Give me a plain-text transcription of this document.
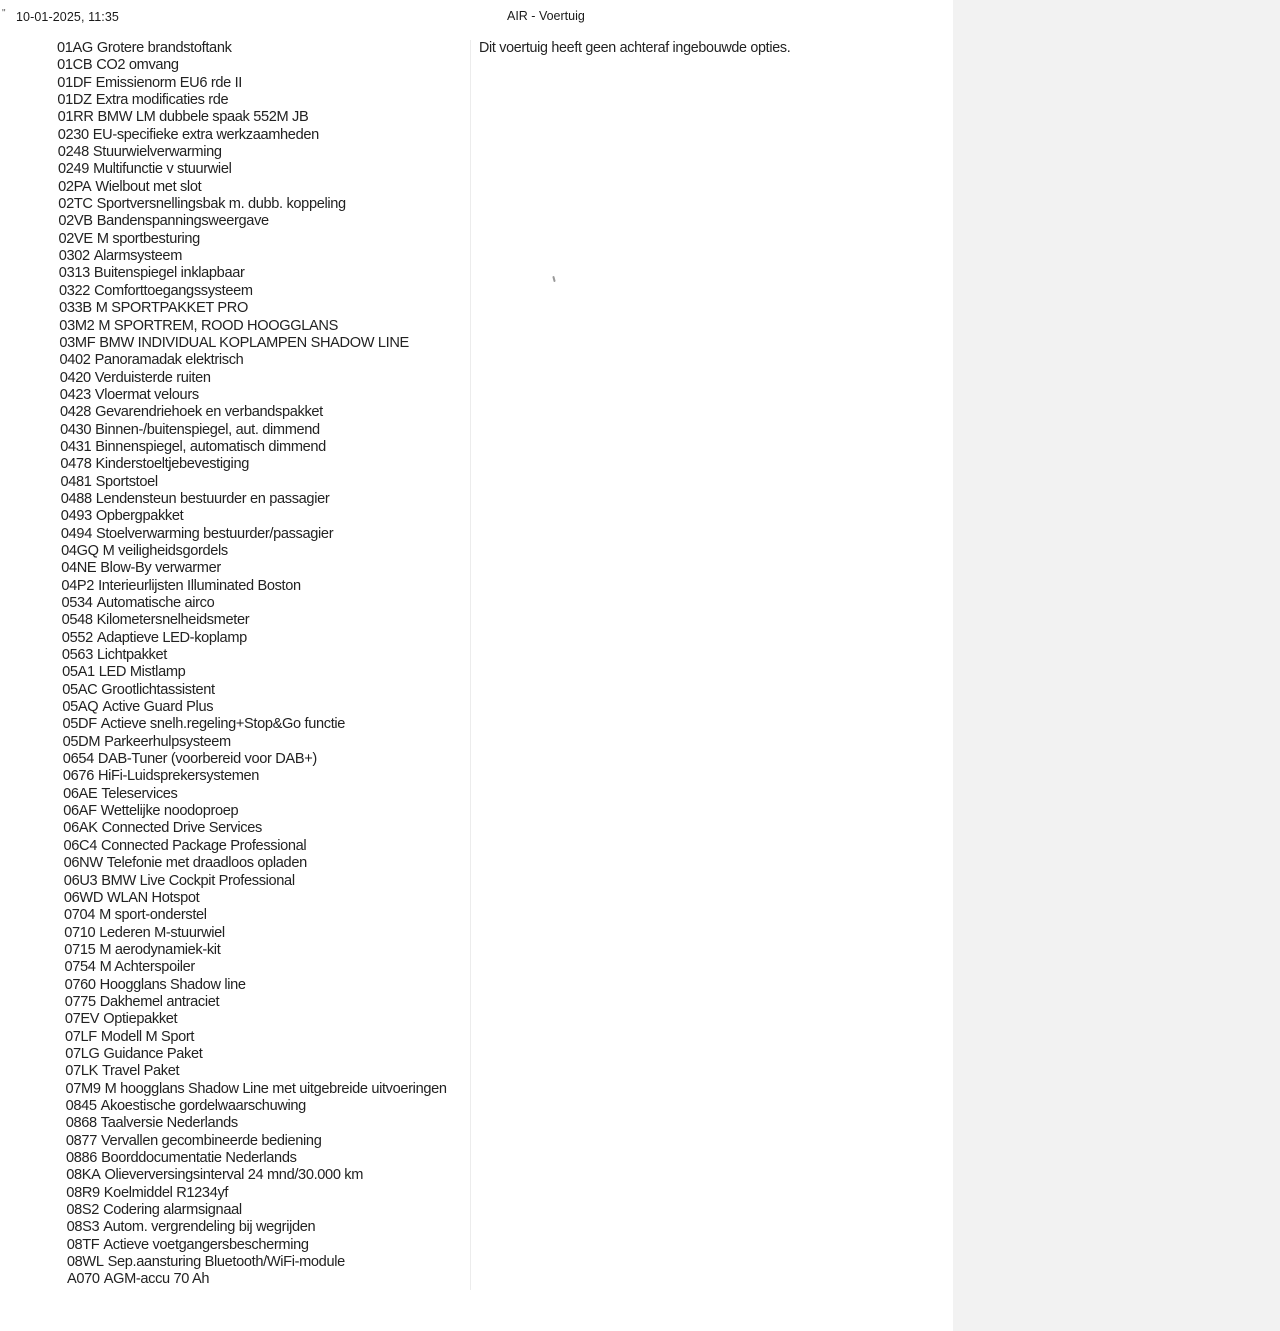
" 10-01-2025, 11:35	AIR - Voertuig
01AG Grotere brandstoftank
01CB CO2 omvang
01DF Emissienorm EU6 rde II
01DZ Extra modificaties rde
01RR BMW LM dubbele spaak 552M JB
0230 EU-specifieke extra werkzaamheden
0248 Stuurwielverwarming
0249 Multifunctie v stuurwiel
02PA Wielbout met slot
02TC Sportversnellingsbak m. dubb. koppeling
02VB Bandenspanningsweergave
02VE M sportbesturing
0302 Alarmsysteem
0313 Buitenspiegel inklapbaar
0322 Comforttoegangssysteem
033B M SPORTPAKKET PRO
03M2 M SPORTREM, ROOD HOOGGLANS
03MF BMW INDIVIDUAL KOPLAMPEN SHADOW LINE
0402 Panoramadak elektrisch
0420 Verduisterde ruiten
0423 Vloermat velours
0428 Gevarendriehoek en verbandspakket
0430 Binnen-/buitenspiegel, aut. dimmend
0431 Binnenspiegel, automatisch dimmend
0478 Kinderstoeltjebevestiging
0481 Sportstoel
0488 Lendensteun bestuurder en passagier
0493 Opbergpakket
0494 Stoelverwarming bestuurder/passagier
04GQ M veiligheidsgordels
04NE Blow-By verwarmer
04P2 Interieurlijsten Illuminated Boston
0534 Automatische airco
0548 Kilometersnelheidsmeter
0552 Adaptieve LED-koplamp
0563 Lichtpakket
05A1 LED Mistlamp
05AC Grootlichtassistent
05AQ Active Guard Plus
05DF Actieve snelh.regeling+Stop&Go functie
05DM Parkeerhulpsysteem
0654 DAB-Tuner (voorbereid voor DAB+)
0676 HiFi-Luidsprekersystemen
06AE Teleservices
06AF Wettelijke noodoproep
06AK Connected Drive Services
06C4 Connected Package Professional
06NW Telefonie met draadloos opladen
06U3 BMW Live Cockpit Professional
06WD WLAN Hotspot
0704 M sport-onderstel
0710 Lederen M-stuurwiel
0715 M aerodynamiek-kit
0754 M Achterspoiler
0760 Hoogglans Shadow line
0775 Dakhemel antraciet
07EV Optiepakket
07LF Modell M Sport
07LG Guidance Paket
07LK Travel Paket
07M9 M hoogglans Shadow Line met uitgebreide uitvoeringen
0845 Akoestische gordelwaarschuwing
0868 Taalversie Nederlands
0877 Vervallen gecombineerde bediening
0886 Boorddocumentatie Nederlands
08KA Olieverversingsinterval 24 mnd/30.000 km
08R9 Koelmiddel R1234yf
08S2 Codering alarmsignaal
08S3 Autom. vergrendeling bij wegrijden
08TF Actieve voetgangersbescherming
08WL Sep.aansturing Bluetooth/WiFi-module
A070 AGM-accu 70 Ah
Dit voertuig heeft geen achteraf ingebouwde opties.
